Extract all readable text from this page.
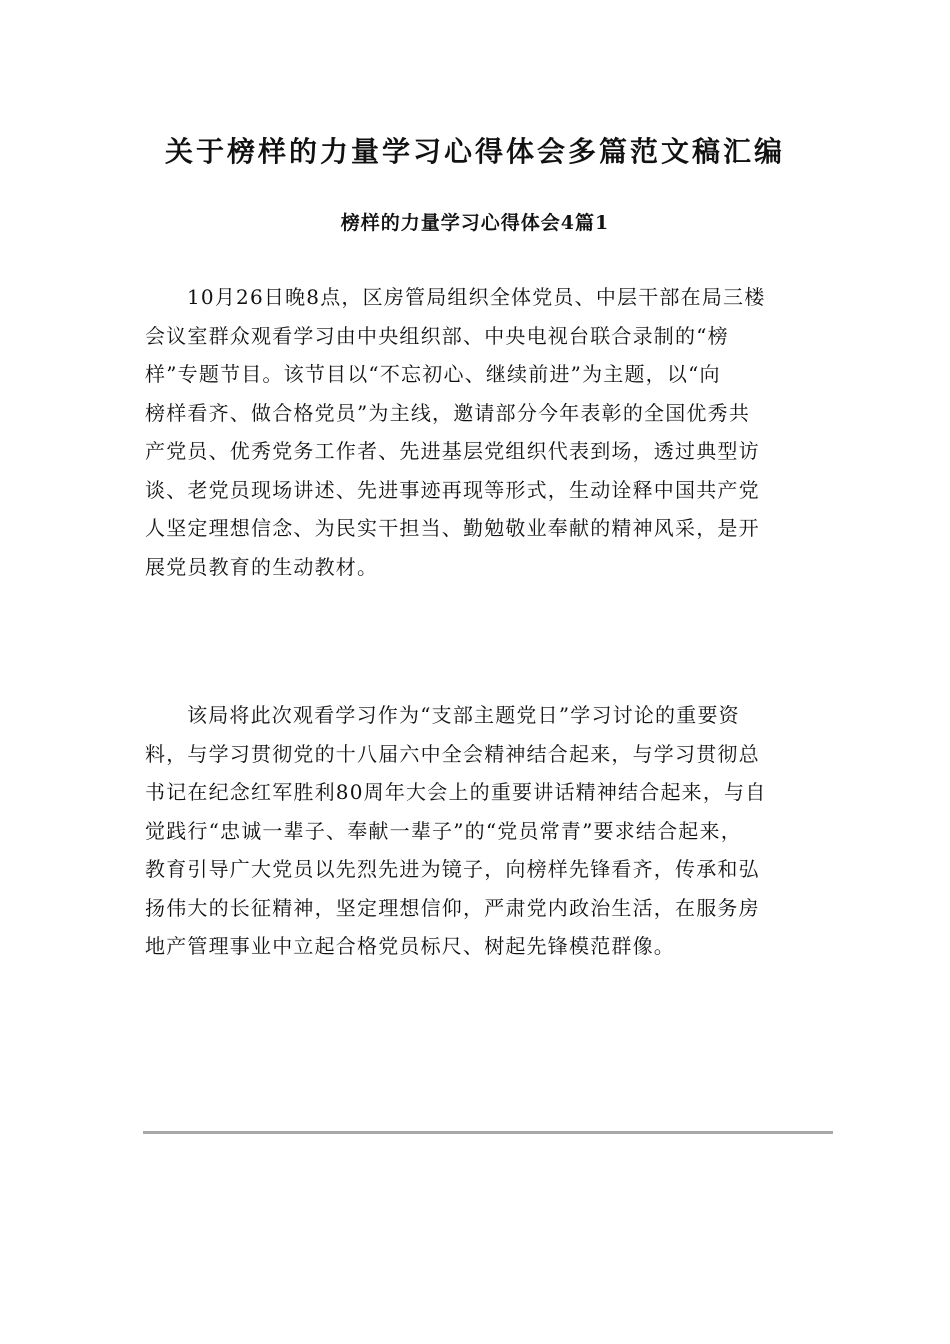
关于榜样的力量学习心得体会多篇范文稿汇编
榜样的力量学习心得体会4篇1
10月26日晚8点，区房管局组织全体党员、中层干部在局三楼
会议室群众观看学习由中央组织部、中央电视台联合录制的“榜
样”专题节目。该节目以“不忘初心、继续前进”为主题，以“向
榜样看齐、做合格党员”为主线，邀请部分今年表彰的全国优秀共
产党员、优秀党务工作者、先进基层党组织代表到场，透过典型访
谈、老党员现场讲述、先进事迹再现等形式，生动诠释中国共产党
人坚定理想信念、为民实干担当、勤勉敬业奉献的精神风采，是开
展党员教育的生动教材。
该局将此次观看学习作为“支部主题党日”学习讨论的重要资
料，与学习贯彻党的十八届六中全会精神结合起来，与学习贯彻总
书记在纪念红军胜利80周年大会上的重要讲话精神结合起来，与自
觉践行“忠诚一辈子、奉献一辈子”的“党员常青”要求结合起来，
教育引导广大党员以先烈先进为镜子，向榜样先锋看齐，传承和弘
扬伟大的长征精神，坚定理想信仰，严肃党内政治生活，在服务房
地产管理事业中立起合格党员标尺、树起先锋模范群像。
